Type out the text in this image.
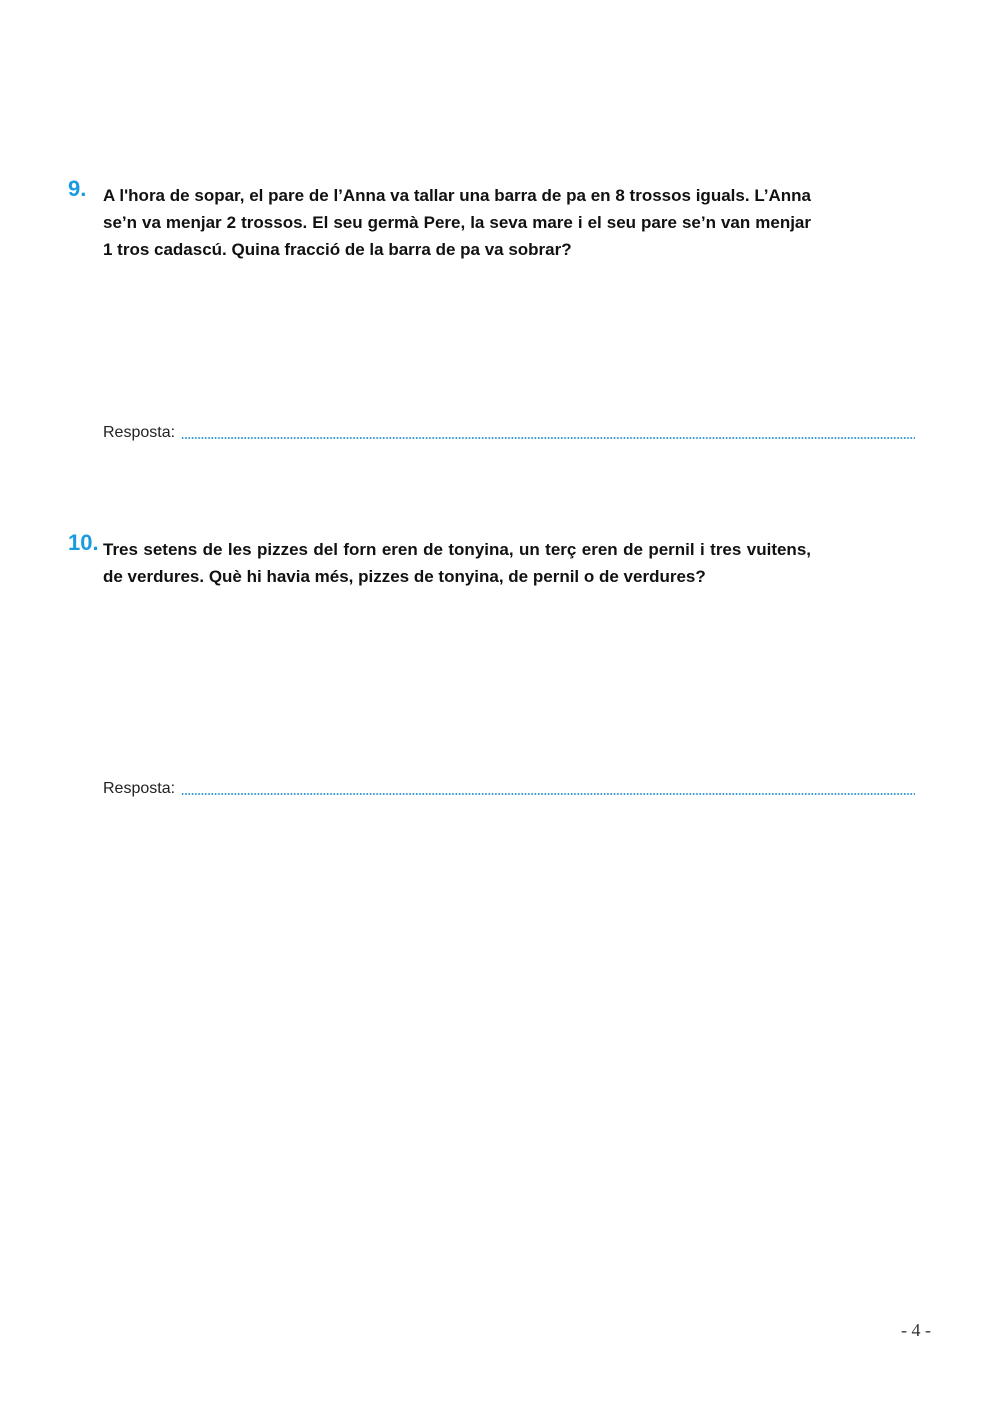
9. A l'hora de sopar, el pare de l’Anna va tallar una barra de pa en 8 trossos iguals. L’Anna se’n va menjar 2 trossos. El seu germà Pere, la seva mare i el seu pare se’n van menjar 1 tros cadascú. Quina fracció de la barra de pa va sobrar?
Resposta:
10. Tres setens de les pizzes del forn eren de tonyina, un terç eren de pernil i tres vuitens, de verdures. Què hi havia més, pizzes de tonyina, de pernil o de verdures?
Resposta:
- 4 -
